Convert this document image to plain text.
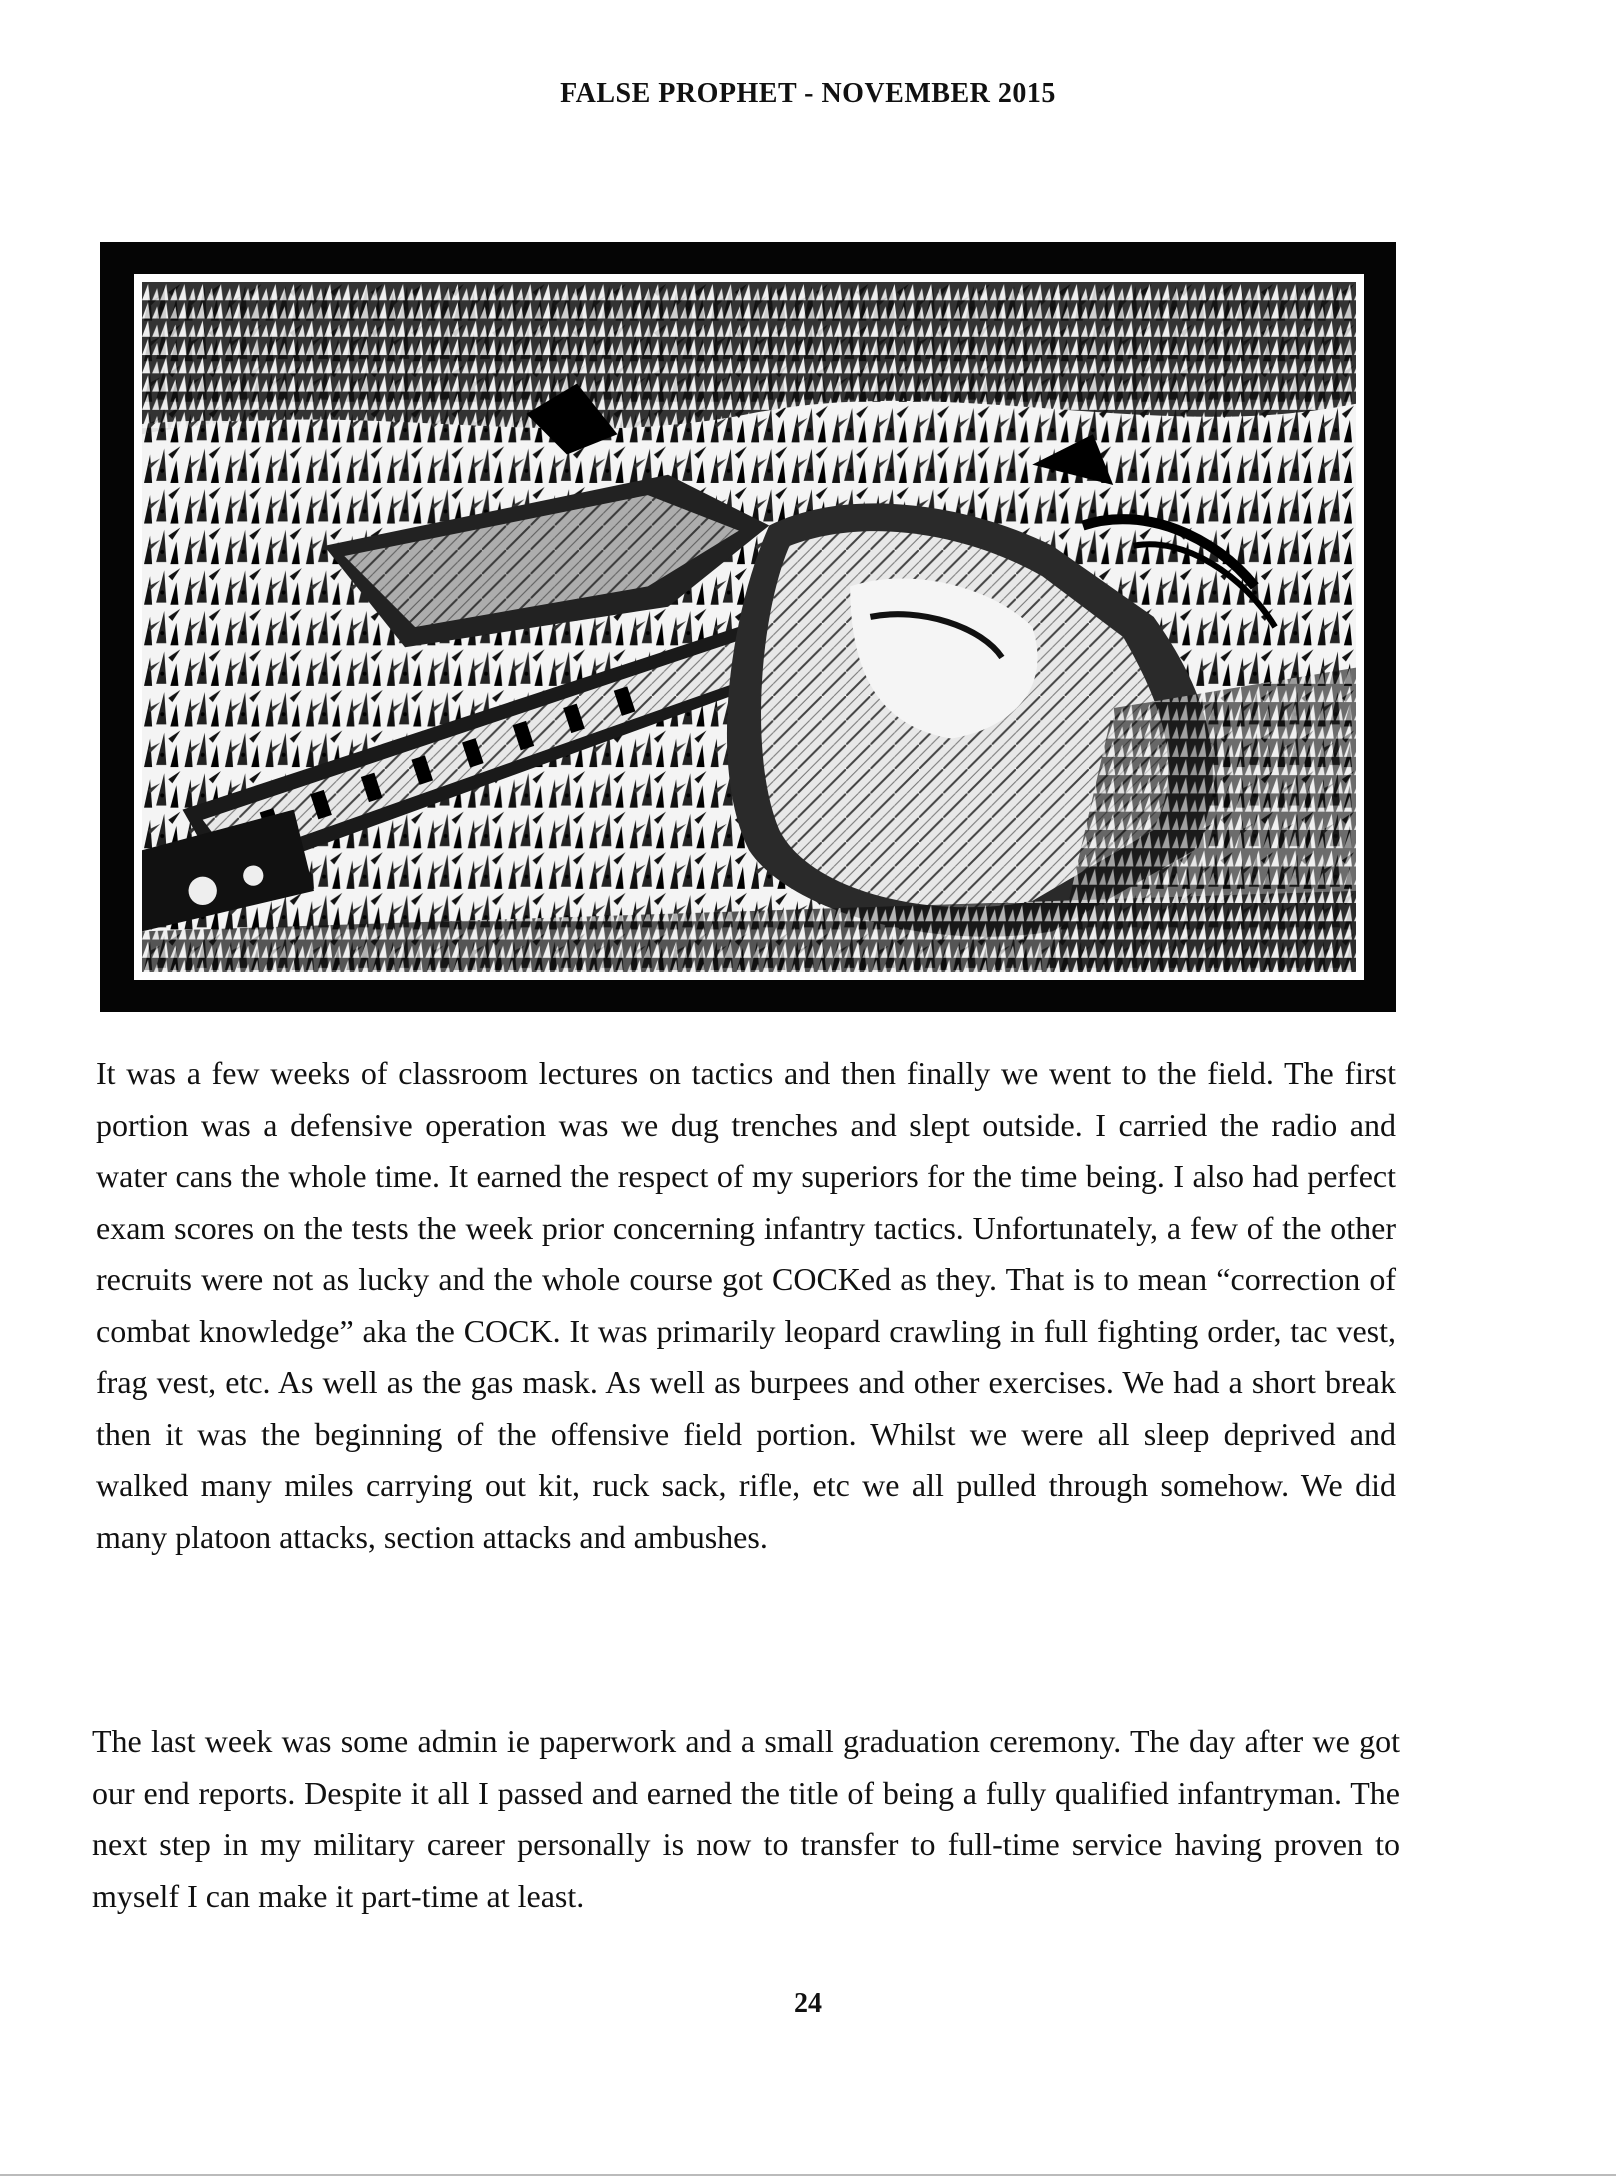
FALSE PROPHET - NOVEMBER 2015
It was a few weeks of classroom lectures on tactics and then finally we went to the field. The first portion was a defensive operation was we dug trenches and slept outside. I carried the radio and water cans the whole time. It earned the respect of my superiors for the time being. I also had perfect exam scores on the tests the week prior concerning infantry tactics. Unfortunately, a few of the other recruits were not as lucky and the whole course got COCKed as they. That is to mean “correction of combat knowledge” aka the COCK. It was primarily leopard crawling in full fighting order, tac vest, frag vest, etc. As well as the gas mask. As well as burpees and other exercises. We had a short break then it was the beginning of the offensive field portion. Whilst we were all sleep deprived and walked many miles carrying out kit, ruck sack, rifle, etc we all pulled through somehow. We did many platoon attacks, section attacks and ambushes.
The last week was some admin ie paperwork and a small graduation ceremony. The day after we got our end reports. Despite it all I passed and earned the title of being a fully qualified infantryman. The next step in my military career personally is now to transfer to full-time service having proven to myself I can make it part-time at least.
24
